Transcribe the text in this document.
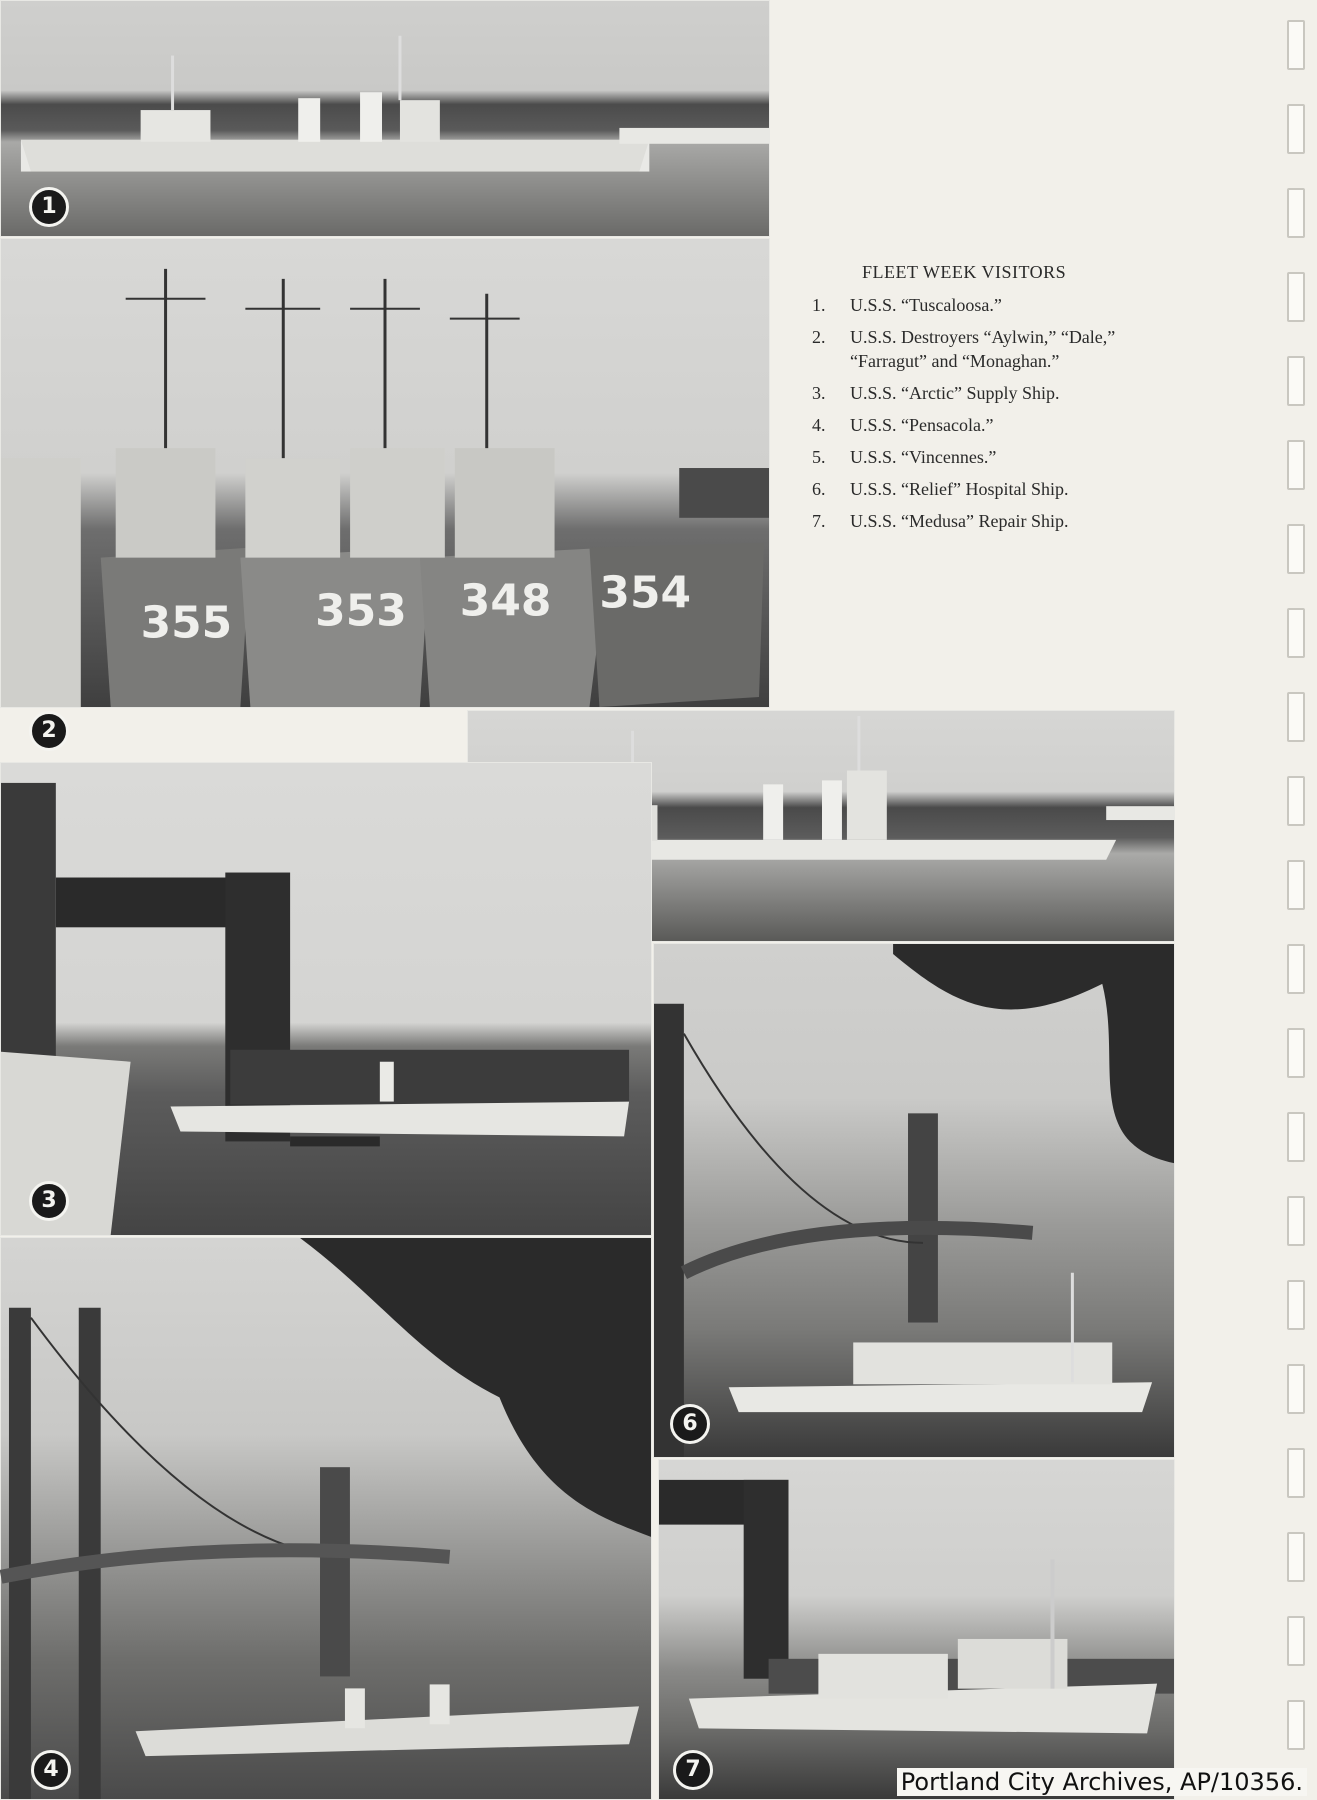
1
355 353 348 354
2
3
6
4	7
FLEET WEEK VISITORS
1.	U.S.S. “Tuscaloosa.”
2.	U.S.S. Destroyers “Aylwin,” “Dale,” “Farragut” and “Monaghan.”
3.	U.S.S. “Arctic” Supply Ship.
4.	U.S.S. “Pensacola.”
5.	U.S.S. “Vincennes.”
6.	U.S.S. “Relief” Hospital Ship.
7.	U.S.S. “Medusa” Repair Ship.
Portland City Archives, AP/10356.
